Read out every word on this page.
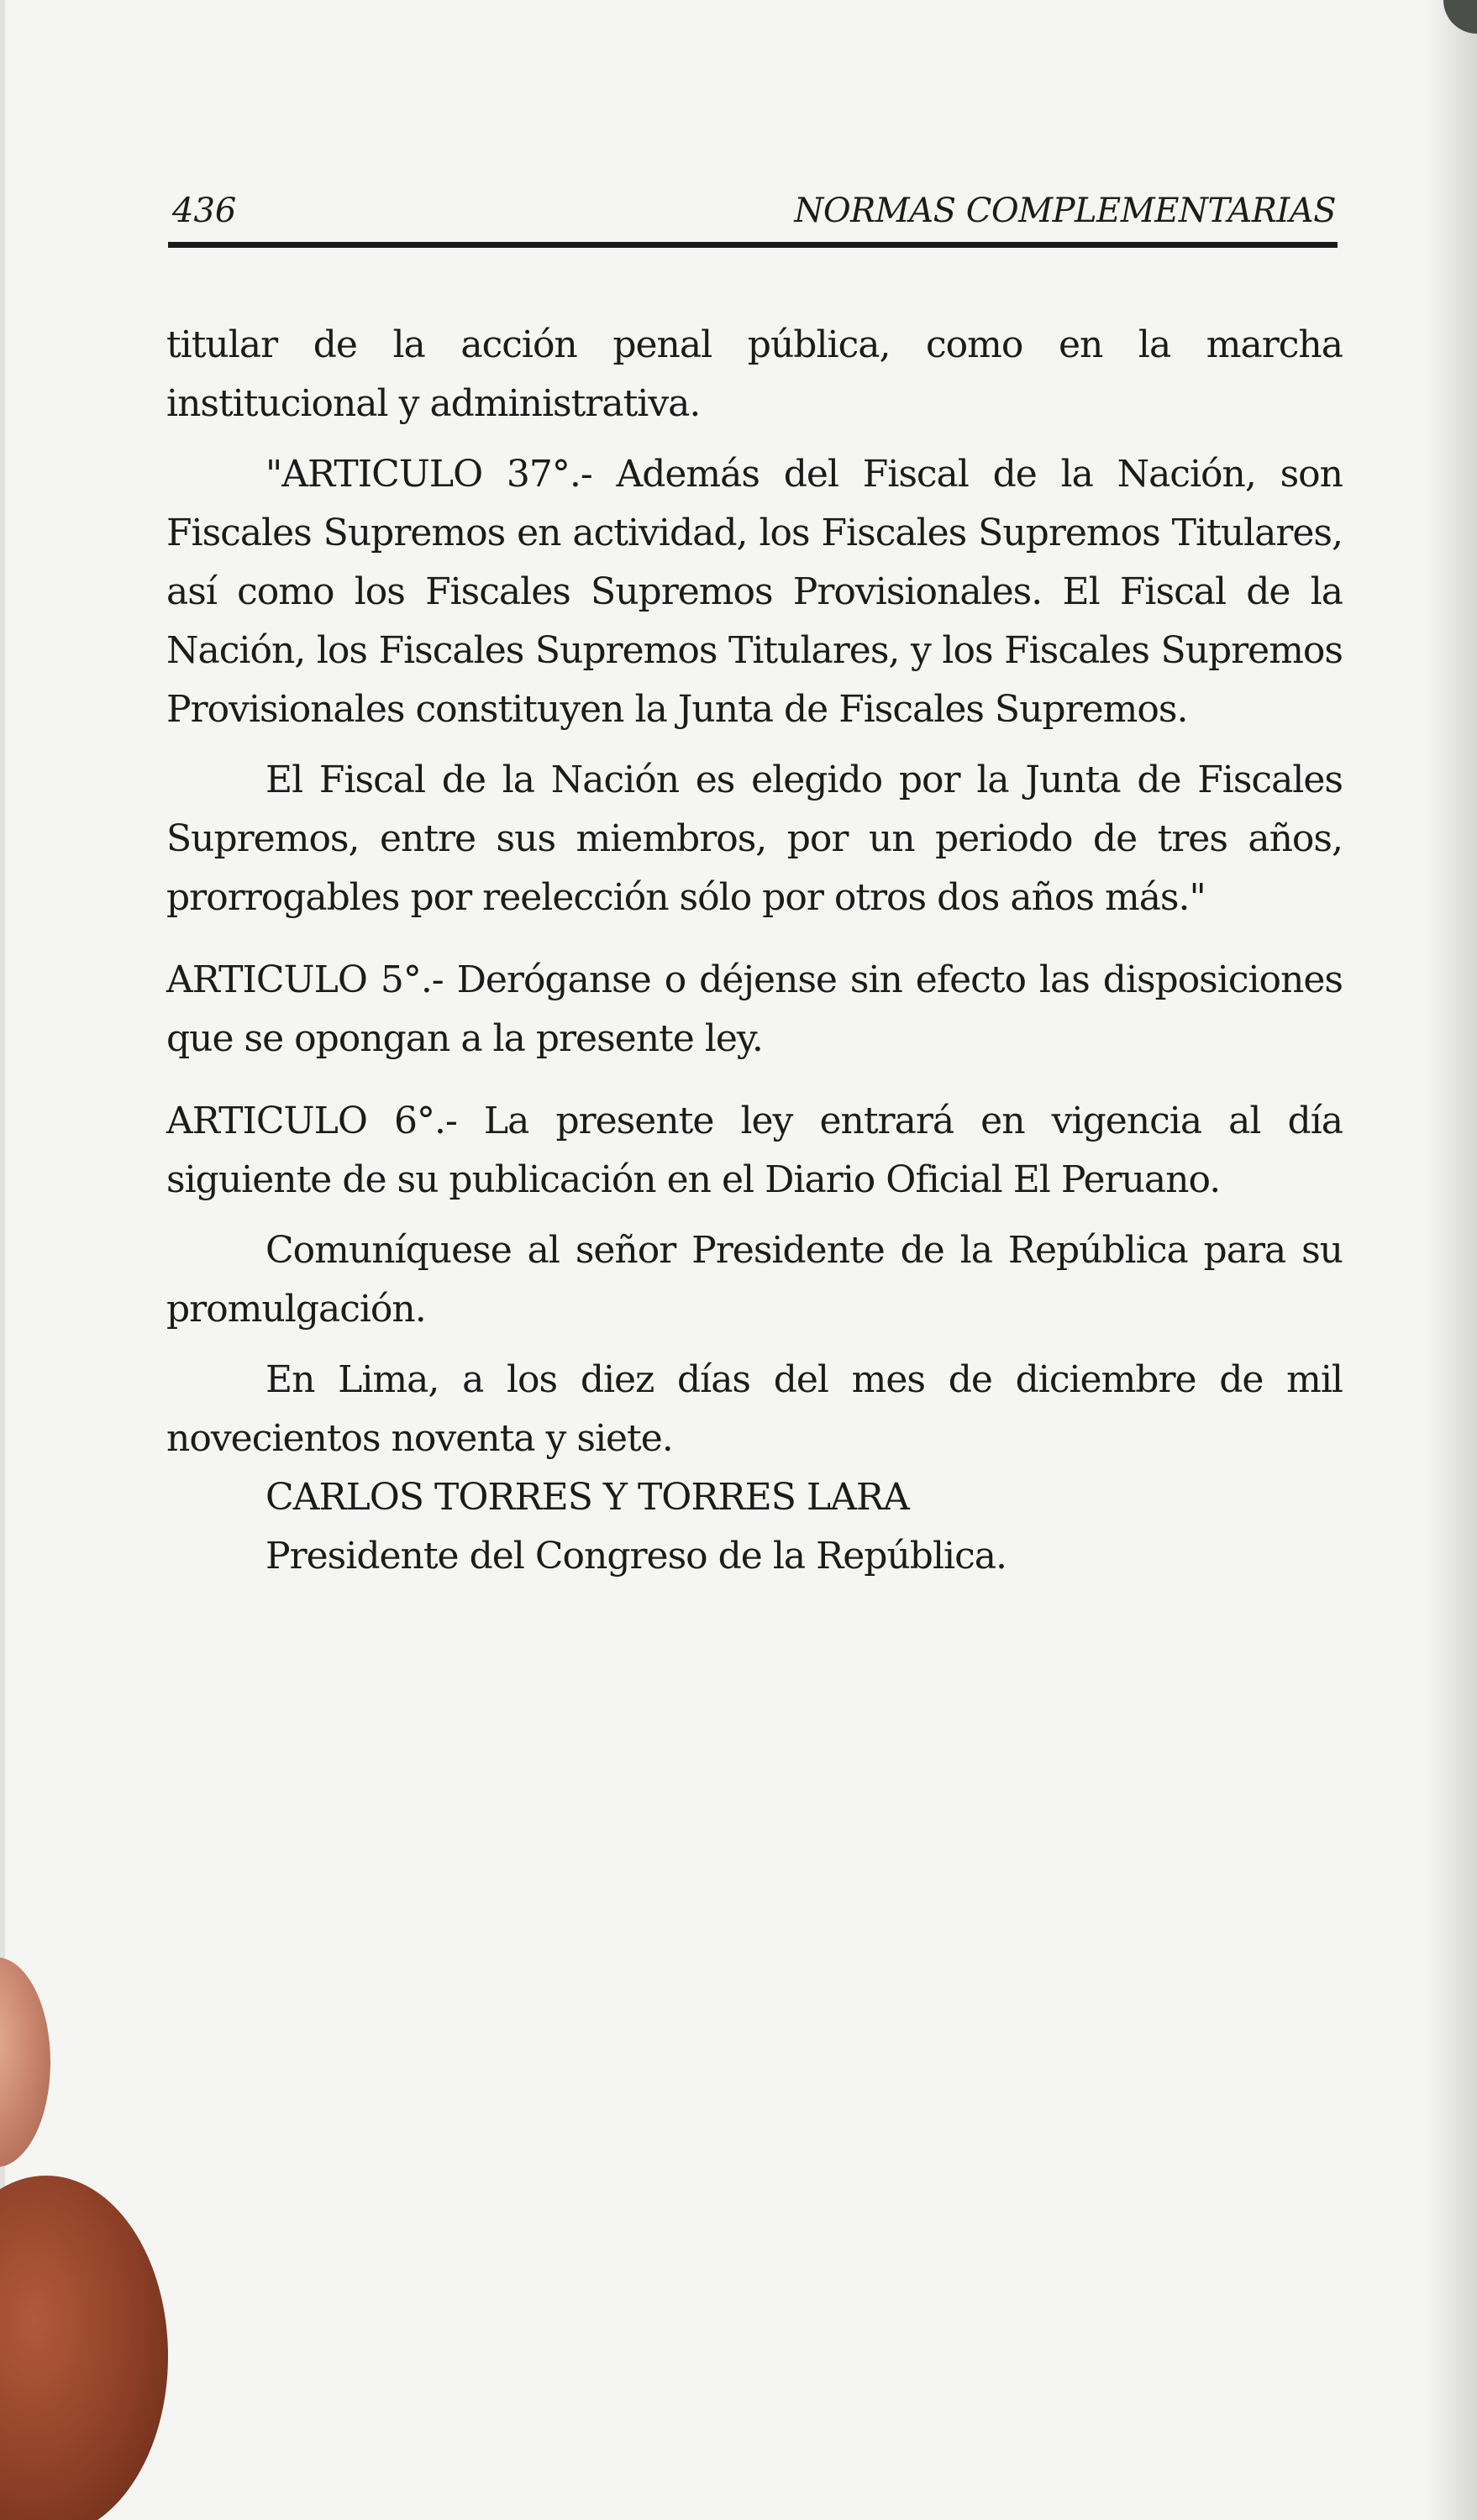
436	NORMAS COMPLEMENTARIAS

titular de la acción penal pública, como en la marcha institucional y administrativa.

"ARTICULO 37°.- Además del Fiscal de la Nación, son Fiscales Supremos en actividad, los Fiscales Supremos Titulares, así como los Fiscales Supremos Provisionales. El Fiscal de la Nación, los Fiscales Supremos Titulares, y los Fiscales Supremos Provisionales constituyen la Junta de Fiscales Supremos.

El Fiscal de la Nación es elegido por la Junta de Fiscales Supremos, entre sus miembros, por un periodo de tres años, prorrogables por reelección sólo por otros dos años más."

ARTICULO 5°.- Deróganse o déjense sin efecto las disposiciones que se opongan a la presente ley.

ARTICULO 6°.- La presente ley entrará en vigencia al día siguiente de su publicación en el Diario Oficial El Peruano.

Comuníquese al señor Presidente de la República para su promulgación.

En Lima, a los diez días del mes de diciembre de mil novecientos noventa y siete.

CARLOS TORRES Y TORRES LARA

Presidente del Congreso de la República.
